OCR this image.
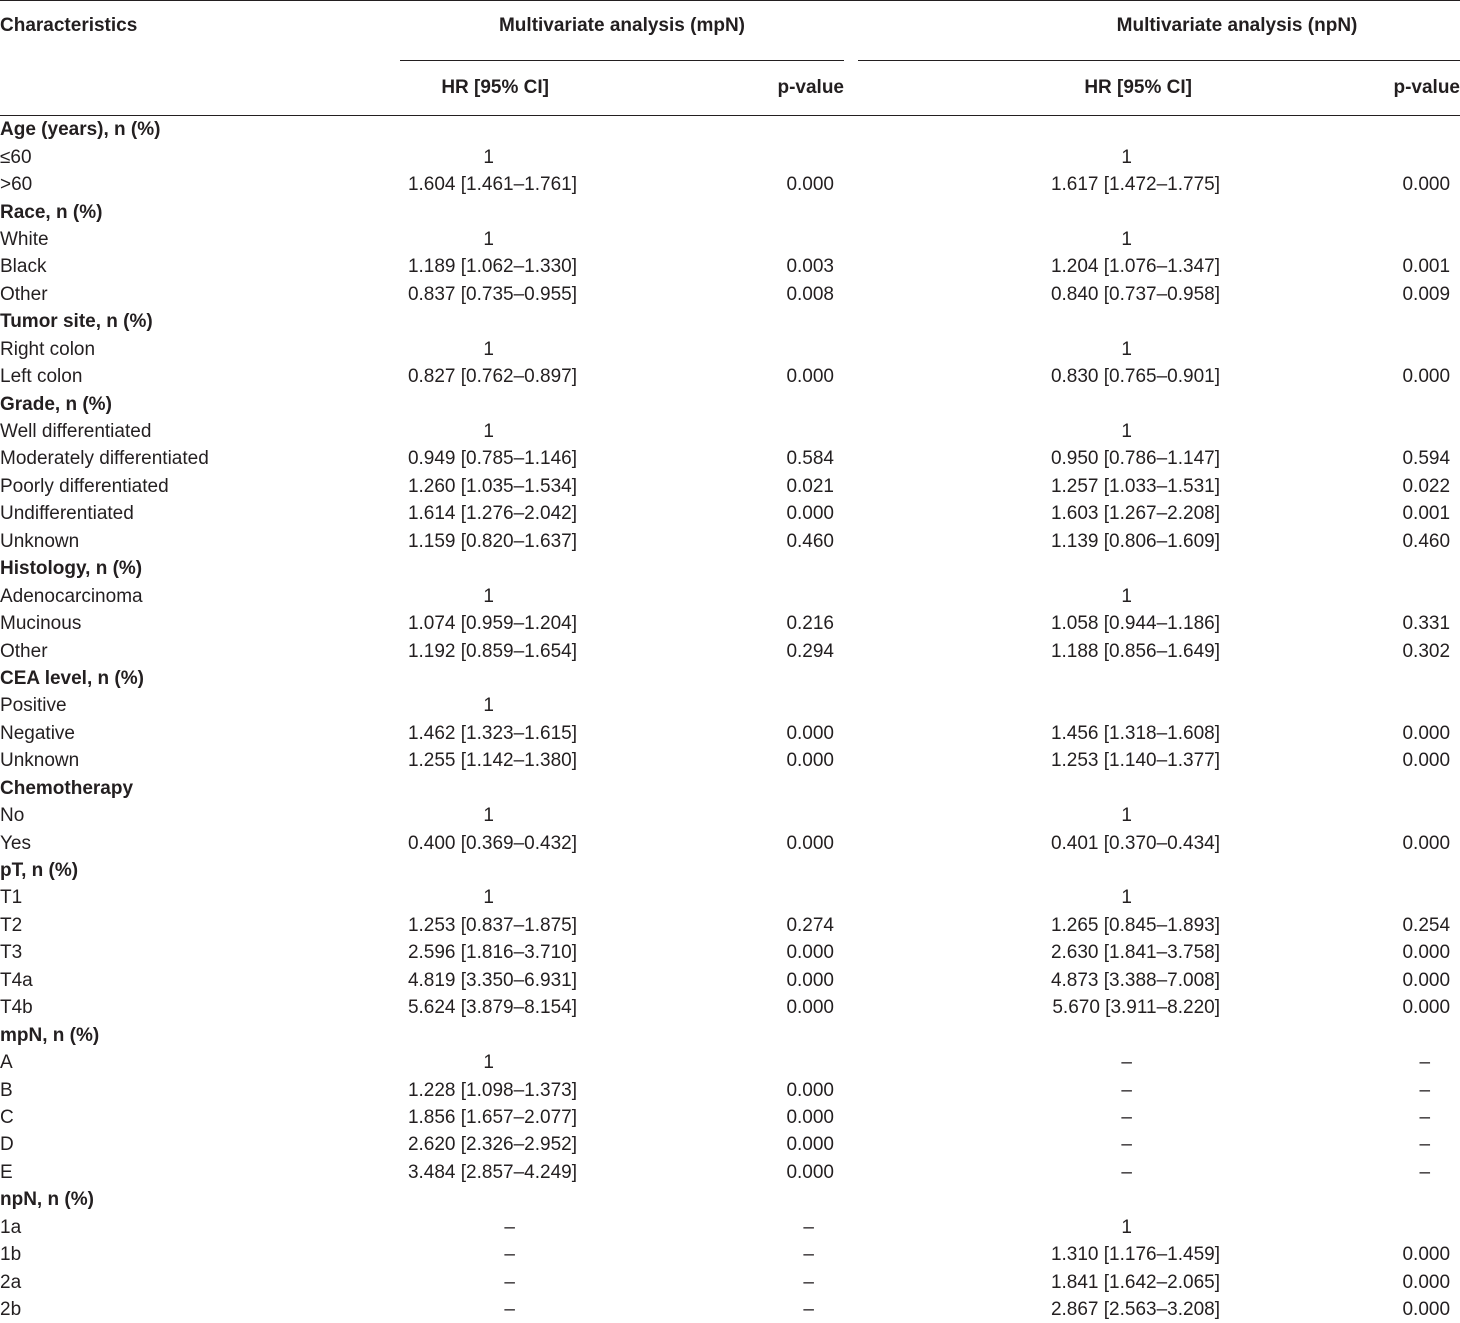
Characteristics	Multivariate analysis (mpN)			Multivariate analysis (npN)	
	HR [95% CI]	p-value		HR [95% CI]	p-value
Age (years), n (%)					
≤60	1			1	
>60	1.604 [1.461–1.761]	0.000		1.617 [1.472–1.775]	0.000
Race, n (%)					
White	1			1	
Black	1.189 [1.062–1.330]	0.003		1.204 [1.076–1.347]	0.001
Other	0.837 [0.735–0.955]	0.008		0.840 [0.737–0.958]	0.009
Tumor site, n (%)					
Right colon	1			1	
Left colon	0.827 [0.762–0.897]	0.000		0.830 [0.765–0.901]	0.000
Grade, n (%)					
Well differentiated	1			1	
Moderately differentiated	0.949 [0.785–1.146]	0.584		0.950 [0.786–1.147]	0.594
Poorly differentiated	1.260 [1.035–1.534]	0.021		1.257 [1.033–1.531]	0.022
Undifferentiated	1.614 [1.276–2.042]	0.000		1.603 [1.267–2.208]	0.001
Unknown	1.159 [0.820–1.637]	0.460		1.139 [0.806–1.609]	0.460
Histology, n (%)					
Adenocarcinoma	1			1	
Mucinous	1.074 [0.959–1.204]	0.216		1.058 [0.944–1.186]	0.331
Other	1.192 [0.859–1.654]	0.294		1.188 [0.856–1.649]	0.302
CEA level, n (%)					
Positive	1				
Negative	1.462 [1.323–1.615]	0.000		1.456 [1.318–1.608]	0.000
Unknown	1.255 [1.142–1.380]	0.000		1.253 [1.140–1.377]	0.000
Chemotherapy					
No	1			1	
Yes	0.400 [0.369–0.432]	0.000		0.401 [0.370–0.434]	0.000
pT, n (%)					
T1	1			1	
T2	1.253 [0.837–1.875]	0.274		1.265 [0.845–1.893]	0.254
T3	2.596 [1.816–3.710]	0.000		2.630 [1.841–3.758]	0.000
T4a	4.819 [3.350–6.931]	0.000		4.873 [3.388–7.008]	0.000
T4b	5.624 [3.879–8.154]	0.000		5.670 [3.911–8.220]	0.000
mpN, n (%)					
A	1			–	–
B	1.228 [1.098–1.373]	0.000		–	–
C	1.856 [1.657–2.077]	0.000		–	–
D	2.620 [2.326–2.952]	0.000		–	–
E	3.484 [2.857–4.249]	0.000		–	–
npN, n (%)					
1a	–	–		1	
1b	–	–		1.310 [1.176–1.459]	0.000
2a	–	–		1.841 [1.642–2.065]	0.000
2b	–	–		2.867 [2.563–3.208]	0.000
